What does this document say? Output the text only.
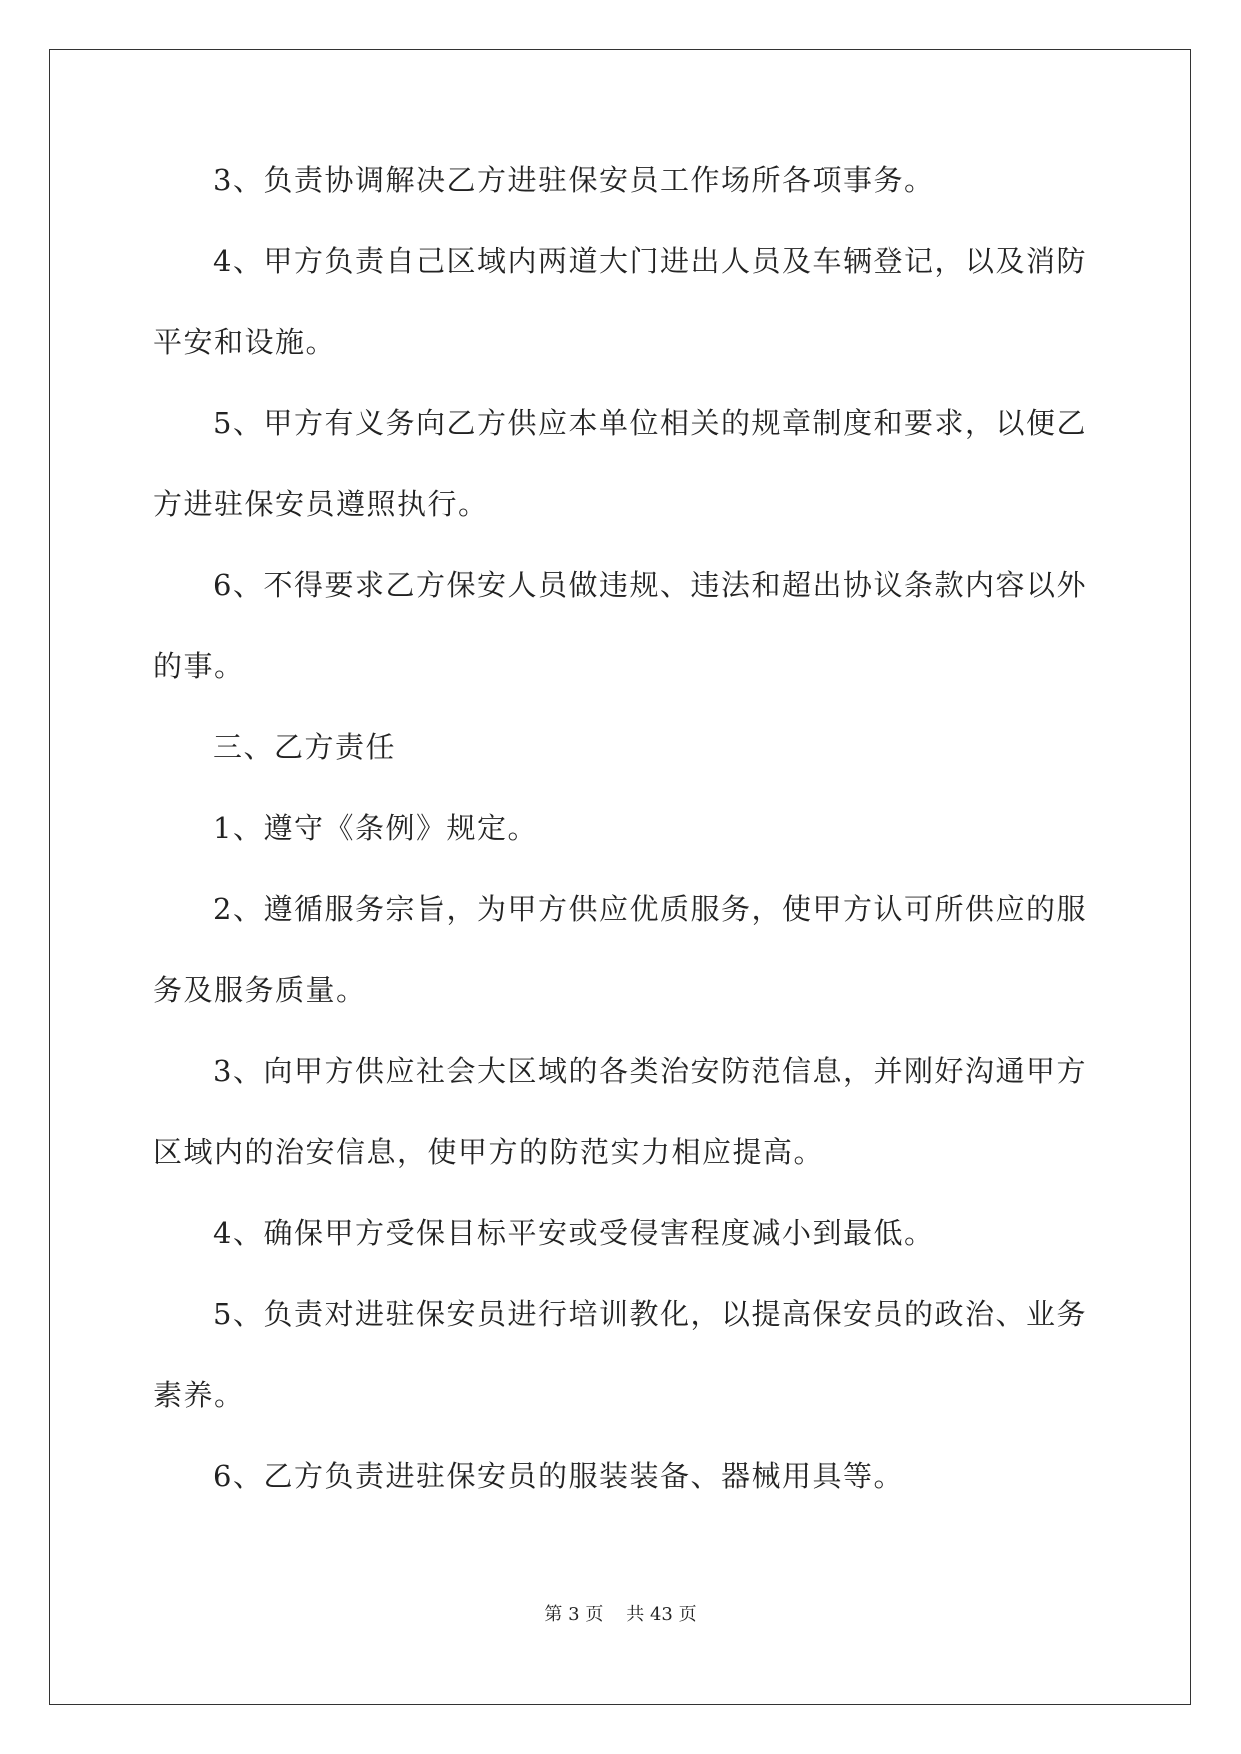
3、负责协调解决乙方进驻保安员工作场所各项事务。

4、甲方负责自己区域内两道大门进出人员及车辆登记，以及消防平安和设施。

5、甲方有义务向乙方供应本单位相关的规章制度和要求，以便乙方进驻保安员遵照执行。

6、不得要求乙方保安人员做违规、违法和超出协议条款内容以外的事。

三、乙方责任

1、遵守《条例》规定。

2、遵循服务宗旨，为甲方供应优质服务，使甲方认可所供应的服务及服务质量。

3、向甲方供应社会大区域的各类治安防范信息，并刚好沟通甲方区域内的治安信息，使甲方的防范实力相应提高。

4、确保甲方受保目标平安或受侵害程度减小到最低。

5、负责对进驻保安员进行培训教化，以提高保安员的政治、业务素养。

6、乙方负责进驻保安员的服装装备、器械用具等。

第 3 页 共 43 页
